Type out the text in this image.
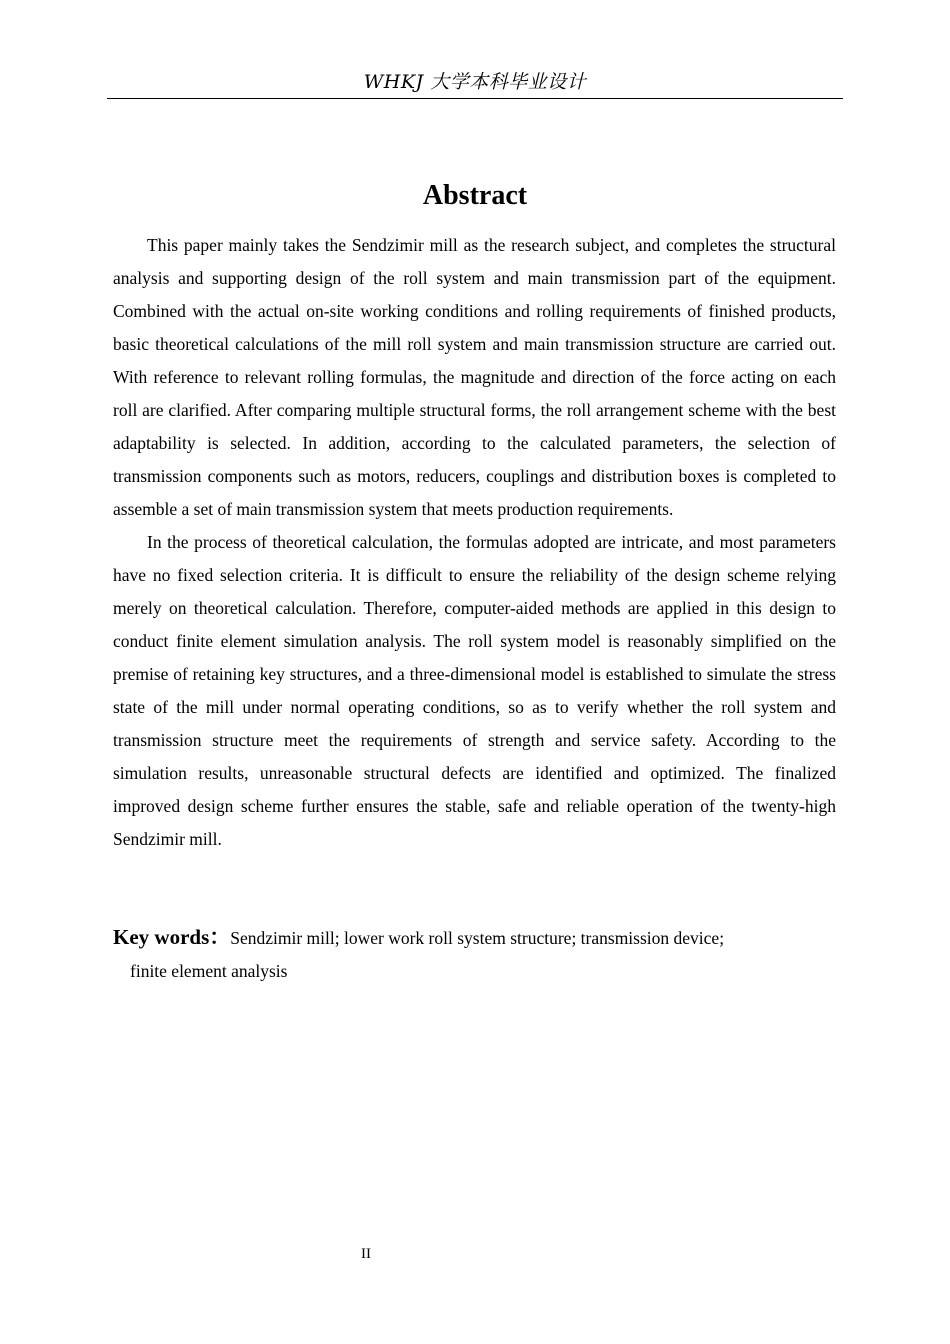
WHKJ 大学本科毕业设计
Abstract

This paper mainly takes the Sendzimir mill as the research subject, and completes the structural analysis and supporting design of the roll system and main transmission part of the equipment. Combined with the actual on-site working conditions and rolling requirements of finished products, basic theoretical calculations of the mill roll system and main transmission structure are carried out. With reference to relevant rolling formulas, the magnitude and direction of the force acting on each roll are clarified. After comparing multiple structural forms, the roll arrangement scheme with the best adaptability is selected. In addition, according to the calculated parameters, the selection of transmission components such as motors, reducers, couplings and distribution boxes is completed to assemble a set of main transmission system that meets production requirements.

In the process of theoretical calculation, the formulas adopted are intricate, and most parameters have no fixed selection criteria. It is difficult to ensure the reliability of the design scheme relying merely on theoretical calculation. Therefore, computer-aided methods are applied in this design to conduct finite element simulation analysis. The roll system model is reasonably simplified on the premise of retaining key structures, and a three-dimensional model is established to simulate the stress state of the mill under normal operating conditions, so as to verify whether the roll system and transmission structure meet the requirements of strength and service safety. According to the simulation results, unreasonable structural defects are identified and optimized. The finalized improved design scheme further ensures the stable, safe and reliable operation of the twenty-high Sendzimir mill.

Key words：Sendzimir mill; lower work roll system structure; transmission device;
finite element analysis
II
